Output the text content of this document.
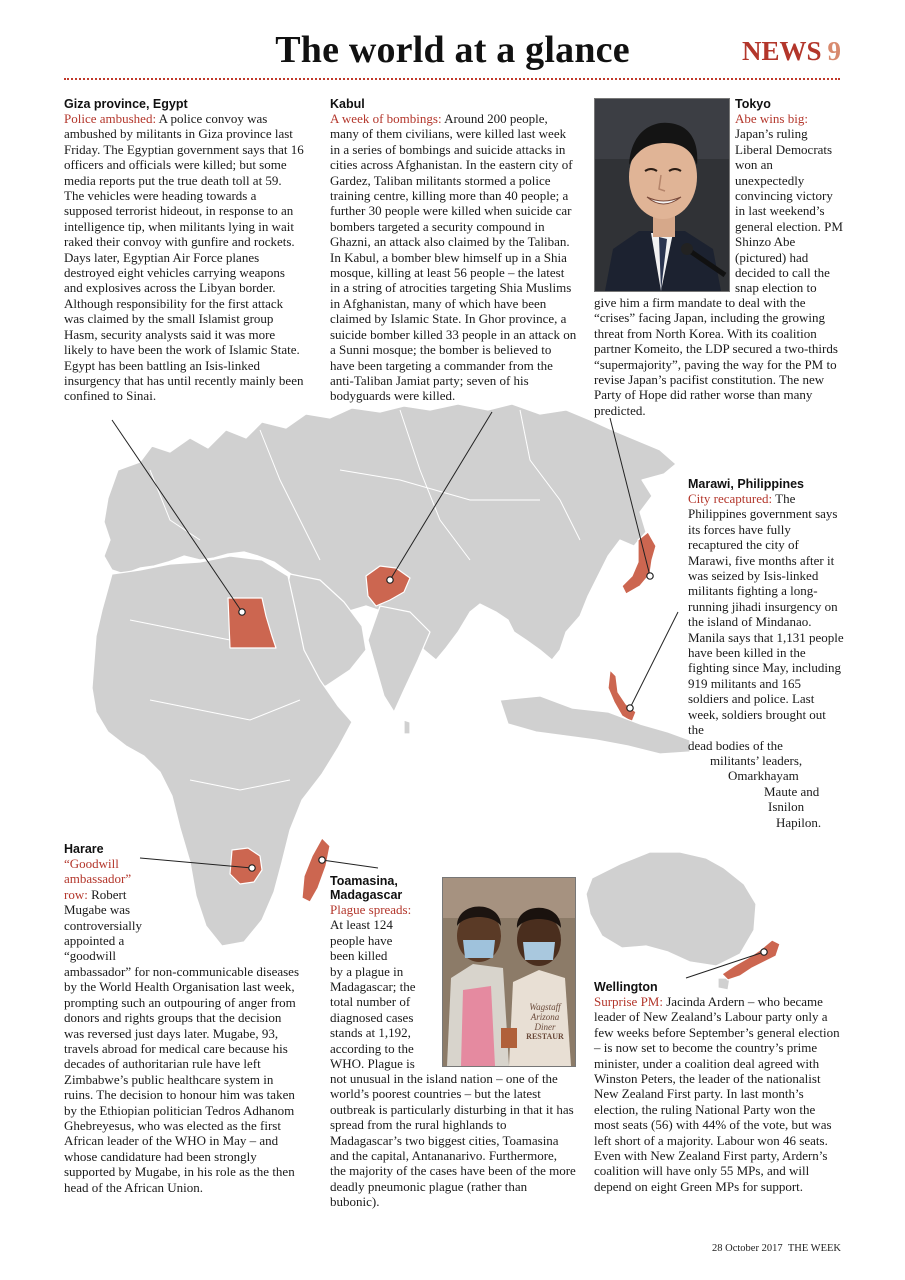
The world at a glance	NEWS 9
Giza province, Egypt

Police ambushed: A police convoy was ambushed by militants in Giza province last Friday. The Egyptian government says that 16 officers and officials were killed; but some media reports put the true death toll at 59. The vehicles were heading towards a supposed terrorist hideout, in response to an intelligence tip, when militants lying in wait raked their convoy with gunfire and rockets. Days later, Egyptian Air Force planes destroyed eight vehicles carrying weapons and explosives across the Libyan border. Although responsibility for the first attack was claimed by the small Islamist group Hasm, security analysts said it was more likely to have been the work of Islamic State. Egypt has been battling an Isis-linked insurgency that has until recently mainly been confined to Sinai.

Kabul

A week of bombings: Around 200 people, many of them civilians, were killed last week in a series of bombings and suicide attacks in cities across Afghanistan. In the eastern city of Gardez, Taliban militants stormed a police training centre, killing more than 40 people; a further 30 people were killed when suicide car bombers targeted a security compound in Ghazni, an attack also claimed by the Taliban. In Kabul, a bomber blew himself up in a Shia mosque, killing at least 56 people – the latest in a string of atrocities targeting Shia Muslims in Afghanistan, many of which have been claimed by Islamic State. In Ghor province, a suicide bomber killed 33 people in an attack on a Sunni mosque; the bomber is believed to have been targeting a commander from the anti-Taliban Jamiat party; seven of his bodyguards were killed.

Tokyo

Abe wins big: Japan’s ruling Liberal Democrats won an unexpectedly convincing victory in last weekend’s general election. PM Shinzo Abe (pictured) had decided to call the snap election to

give him a firm mandate to deal with the “crises” facing Japan, including the growing threat from North Korea. With its coalition partner Komeito, the LDP secured a two-thirds “supermajority”, paving the way for the PM to revise Japan’s pacifist constitution. The new Party of Hope did rather worse than many predicted.

Marawi, Philippines

City recaptured: The Philippines government says its forces have fully recaptured the city of Marawi, five months after it was seized by Isis-linked militants fighting a long-running jihadi insurgency on the island of Mindanao. Manila says that 1,131 people have been killed in the fighting since May, including 919 militants and 165 soldiers and police. Last week, soldiers brought out the

dead bodies of the

militants’ leaders,

Omarkhayam

Maute and

Isnilon

Hapilon.

Harare

“Goodwill

ambassador”

row: Robert

Mugabe was

controversially

appointed a

“goodwill

ambassador” for non-communicable diseases by the World Health Organisation last week, prompting such an outpouring of anger from donors and rights groups that the decision was reversed just days later. Mugabe, 93, travels abroad for medical care because his decades of authoritarian rule have left Zimbabwe’s public healthcare system in ruins. The decision to honour him was taken by the Ethiopian politician Tedros Adhanom Ghebreyesus, who was elected as the first African leader of the WHO in May – and whose candidature had been strongly supported by Mugabe, in his role as the then head of the African Union.

Toamasina,
Madagascar

Plague spreads:

At least 124

people have

been killed

by a plague in

Madagascar; the

total number of

diagnosed cases

stands at 1,192,

according to the

WHO. Plague is

not unusual in the island nation – one of the world’s poorest countries – but the latest outbreak is particularly disturbing in that it has spread from the rural highlands to Madagascar’s two biggest cities, Toamasina and the capital, Antananarivo. Furthermore, the majority of the cases have been of the more deadly pneumonic plague (rather than bubonic).

Wagstaff
Arizona
Diner
RESTAUR
Wellington

Surprise PM: Jacinda Ardern – who became leader of New Zealand’s Labour party only a few weeks before September’s general election – is now set to become the country’s prime minister, under a coalition deal agreed with Winston Peters, the leader of the nationalist New Zealand First party. In last month’s election, the ruling National Party won the most seats (56) with 44% of the vote, but was left short of a majority. Labour won 46 seats. Even with New Zealand First party, Ardern’s coalition will have only 55 MPs, and will depend on eight Green MPs for support.

28 October 2017 THE WEEK
